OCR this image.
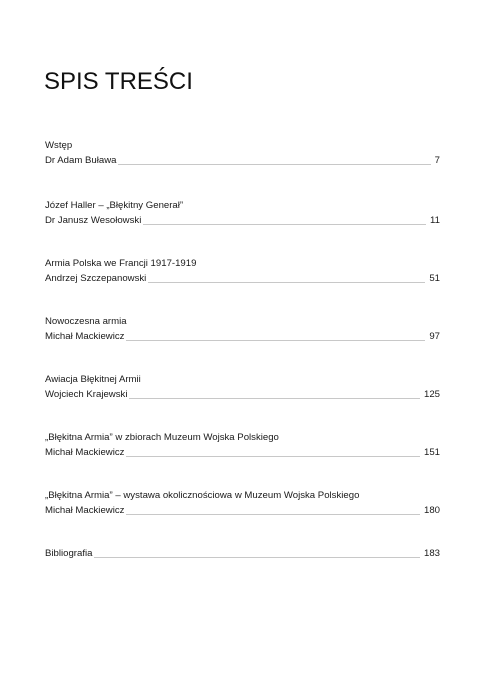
SPIS TREŚCI
Wstęp
Dr Adam Buława	7
Józef Haller – „Błękitny Generał”
Dr Janusz Wesołowski	11
Armia Polska we Francji 1917-1919
Andrzej Szczepanowski	51
Nowoczesna armia
Michał Mackiewicz	97
Awiacja Błękitnej Armii
Wojciech Krajewski	125
„Błękitna Armia” w zbiorach Muzeum Wojska Polskiego
Michał Mackiewicz	151
„Błękitna Armia” – wystawa okolicznościowa w Muzeum Wojska Polskiego
Michał Mackiewicz	180
Bibliografia	183
